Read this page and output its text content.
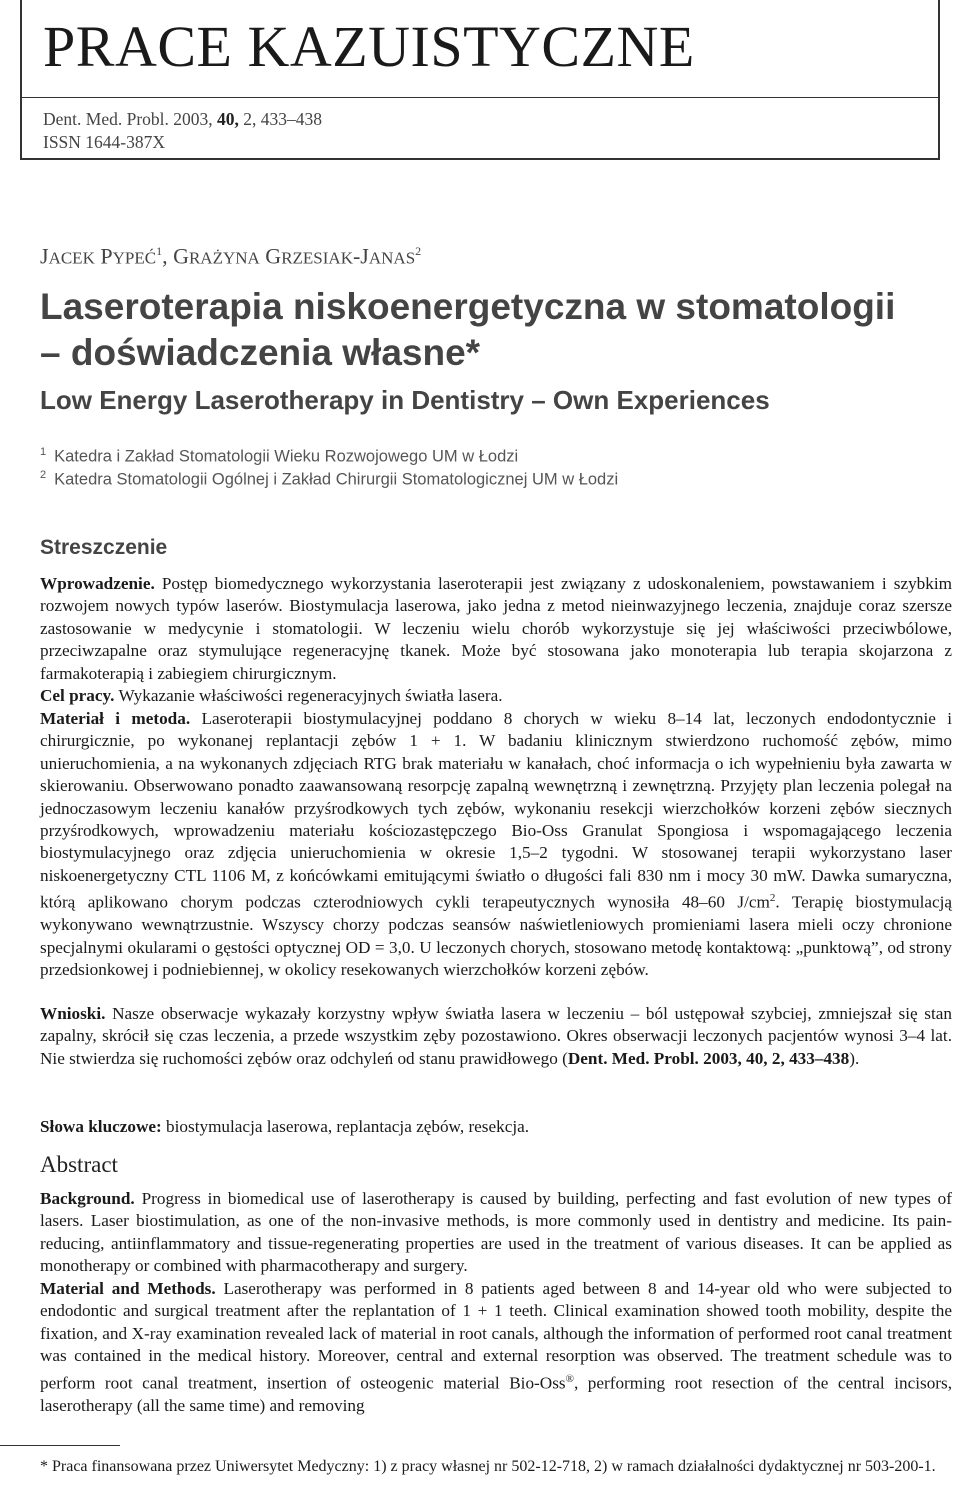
PRACE KAZUISTYCZNE
Dent. Med. Probl. 2003, 40, 2, 433–438
ISSN 1644-387X
JACEK PYPEĆ$^1$, GRAŻYNA GRZESIAK-JANAS$^2$
Laseroterapia niskoenergetyczna w stomatologii
– doświadczenia własne*
Low Energy Laserotherapy in Dentistry – Own Experiences
$^1$ Katedra i Zakład Stomatologii Wieku Rozwojowego UM w Łodzi
$^2$ Katedra Stomatologii Ogólnej i Zakład Chirurgii Stomatologicznej UM w Łodzi
Streszczenie
Wprowadzenie. Postęp biomedycznego wykorzystania laseroterapii jest związany z udoskonaleniem, powstawaniem i szybkim rozwojem nowych typów laserów. Biostymulacja laserowa, jako jedna z metod nieinwazyjnego leczenia, znajduje coraz szersze zastosowanie w medycynie i stomatologii. W leczeniu wielu chorób wykorzystuje się jej właściwości przeciwbólowe, przeciwzapalne oraz stymulujące regeneracyjnę tkanek. Może być stosowana jako monoterapia lub terapia skojarzona z farmakoterapią i zabiegiem chirurgicznym.
Cel pracy. Wykazanie właściwości regeneracyjnych światła lasera.
Materiał i metoda. Laseroterapii biostymulacyjnej poddano 8 chorych w wieku 8–14 lat, leczonych endodontycznie i chirurgicznie, po wykonanej replantacji zębów 1 + 1. W badaniu klinicznym stwierdzono ruchomość zębów, mimo unieruchomienia, a na wykonanych zdjęciach RTG brak materiału w kanałach, choć informacja o ich wypełnieniu była zawarta w skierowaniu. Obserwowano ponadto zaawansowaną resorpcję zapalną wewnętrzną i zewnętrzną. Przyjęty plan leczenia polegał na jednoczasowym leczeniu kanałów przyśrodkowych tych zębów, wykonaniu resekcji wierzchołków korzeni zębów siecznych przyśrodkowych, wprowadzeniu materiału kościozastępczego Bio-Oss Granulat Spongiosa i wspomagającego leczenia biostymulacyjnego oraz zdjęcia unieruchomienia w okresie 1,5–2 tygodni. W stosowanej terapii wykorzystano laser niskoenergetyczny CTL 1106 M, z końcówkami emitującymi światło o długości fali 830 nm i mocy 30 mW. Dawka sumaryczna, którą aplikowano chorym podczas czterodniowych cykli terapeutycznych wynosiła 48–60 $J/cm^2$. Terapię biostymulacją wykonywano wewnątrzustnie. Wszyscy chorzy podczas seansów naświetleniowych promieniami lasera mieli oczy chronione specjalnymi okularami o gęstości optycznej OD = 3,0. U leczonych chorych, stosowano metodę kontaktową: „punktową”, od strony przedsionkowej i podniebiennej, w okolicy resekowanych wierzchołków korzeni zębów.
Wnioski. Nasze obserwacje wykazały korzystny wpływ światła lasera w leczeniu – ból ustępował szybciej, zmniejszał się stan zapalny, skrócił się czas leczenia, a przede wszystkim zęby pozostawiono. Okres obserwacji leczonych pacjentów wynosi 3–4 lat. Nie stwierdza się ruchomości zębów oraz odchyleń od stanu prawidłowego (Dent. Med. Probl. 2003, 40, 2, 433–438).
Słowa kluczowe: biostymulacja laserowa, replantacja zębów, resekcja.
Abstract
Background. Progress in biomedical use of laserotherapy is caused by building, perfecting and fast evolution of new types of lasers. Laser biostimulation, as one of the non-invasive methods, is more commonly used in dentistry and medicine. Its pain-reducing, antiinflammatory and tissue-regenerating properties are used in the treatment of various diseases. It can be applied as monotherapy or combined with pharmacotherapy and surgery.
Material and Methods. Laserotherapy was performed in 8 patients aged between 8 and 14-year old who were subjected to endodontic and surgical treatment after the replantation of 1 + 1 teeth. Clinical examination showed tooth mobility, despite the fixation, and X-ray examination revealed lack of material in root canals, although the information of performed root canal treatment was contained in the medical history. Moreover, central and external resorption was observed. The treatment schedule was to perform root canal treatment, insertion of osteogenic material Bio-Oss®, performing root resection of the central incisors, laserotherapy (all the same time) and removing
* Praca finansowana przez Uniwersytet Medyczny: 1) z pracy własnej nr 502-12-718, 2) w ramach działalności dydaktycznej nr 503-200-1.
